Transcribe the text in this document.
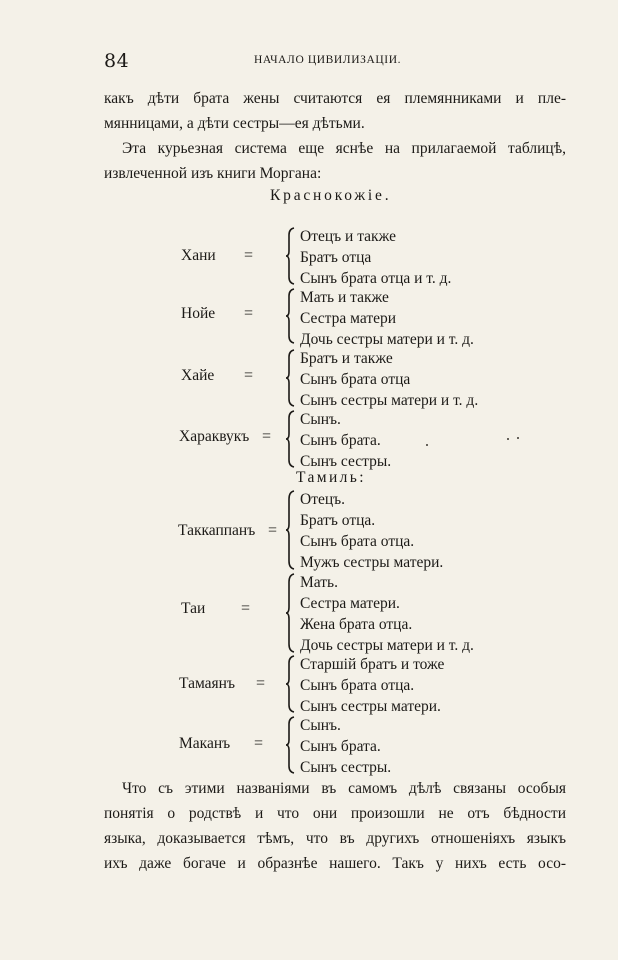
84	НАЧАЛО ЦИВИЛИЗАЦIИ.
какъ дѣти брата жены считаются ея племянниками и пле-
мянницами, а дѣти сестры—ея дѣтьми.
Эта курьезная система еще яснѣе на прилагаемой таблицѣ,
извлеченной изъ книги Моргана:
Краснокожiе.
Хани =
Отецъ и также
Братъ отца
Сынъ брата отца и т. д.
Нойе =
Мать и также
Сестра матери
Дочь сестры матери и т. д.
Хайе =
Братъ и также
Сынъ брата отца
Сынъ сестры матери и т. д.
Хараквукъ =
Сынъ.
Сынъ брата.
Сынъ сестры.
Тамиль:
Таккаппанъ =
Отецъ.
Братъ отца.
Сынъ брата отца.
Мужъ сестры матери.
Таи =
Мать.
Сестра матери.
Жена брата отца.
Дочь сестры матери и т. д.
Тамаянъ =
Старшiй братъ и тоже
Сынъ брата отца.
Сынъ сестры матери.
Маканъ =
Сынъ.
Сынъ брата.
Сынъ сестры.
Что съ этими названiями въ самомъ дѣлѣ связаны особыя
понятiя о родствѣ и что они произошли не отъ бѣдности
языка, доказывается тѣмъ, что въ другихъ отношенiяхъ языкъ
ихъ даже богаче и образнѣе нашего. Такъ у нихъ есть осо-
